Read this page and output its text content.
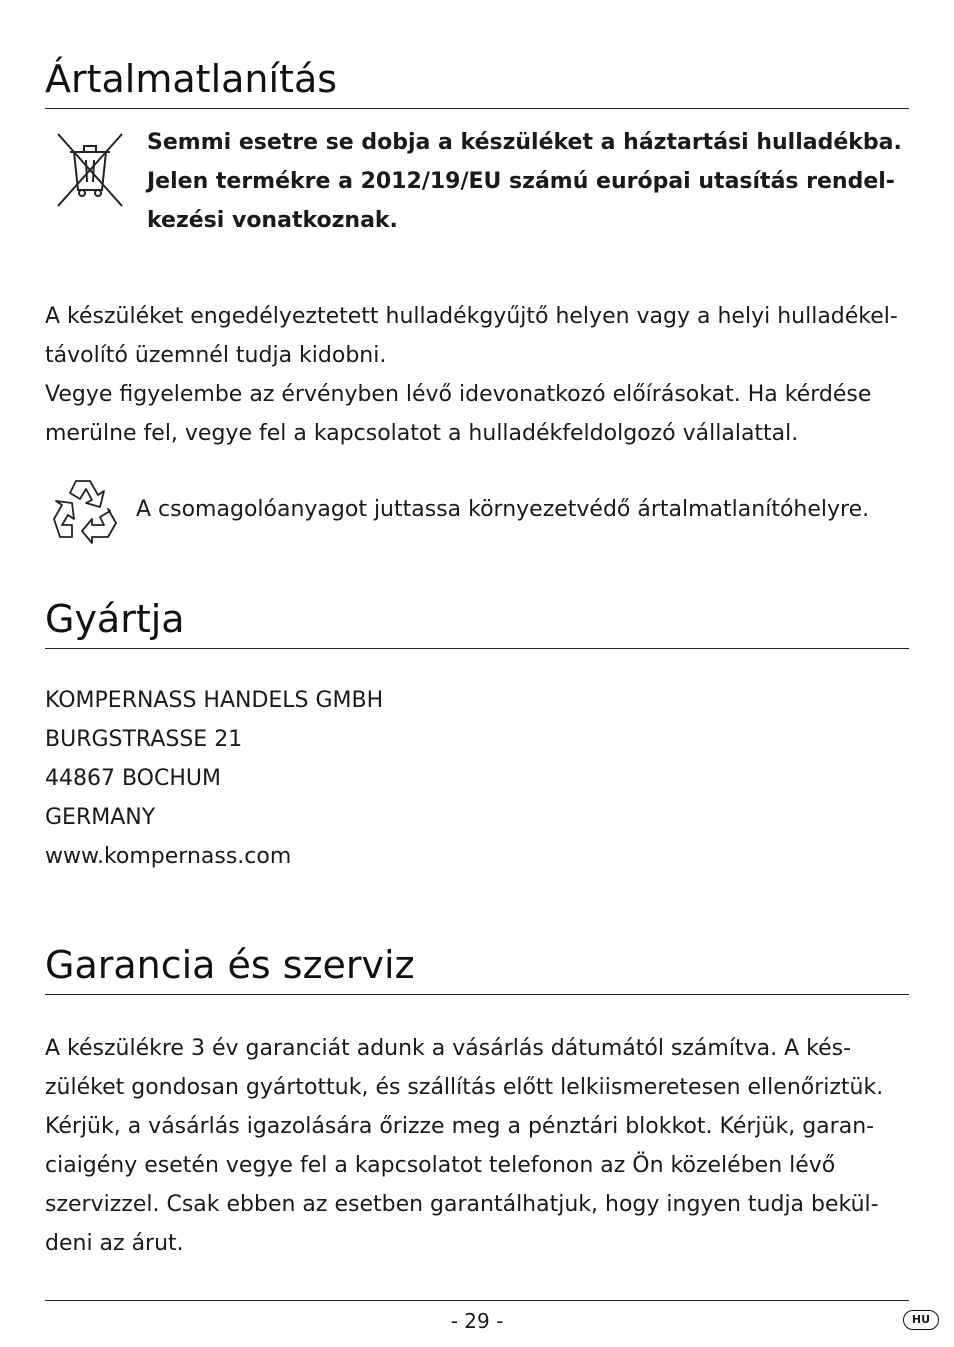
Ártalmatlanítás
Semmi esetre se dobja a készüléket a háztartási hulladékba.
Jelen termékre a 2012/19/EU számú európai utasítás rendel-
kezési vonatkoznak.
A készüléket engedélyeztetett hulladékgyűjtő helyen vagy a helyi hulladékel-
távolító üzemnél tudja kidobni.
Vegye figyelembe az érvényben lévő idevonatkozó előírásokat. Ha kérdése
merülne fel, vegye fel a kapcsolatot a hulladékfeldolgozó vállalattal.
A csomagolóanyagot juttassa környezetvédő ártalmatlanítóhelyre.
Gyártja
KOMPERNASS HANDELS GMBH
BURGSTRASSE 21
44867 BOCHUM
GERMANY
www.kompernass.com
Garancia és szerviz
A készülékre 3 év garanciát adunk a vásárlás dátumától számítva. A kés-
züléket gondosan gyártottuk, és szállítás előtt lelkiismeretesen ellenőriztük.
Kérjük, a vásárlás igazolására őrizze meg a pénztári blokkot. Kérjük, garan-
ciaigény esetén vegye fel a kapcsolatot telefonon az Ön közelében lévő
szervizzel. Csak ebben az esetben garantálhatjuk, hogy ingyen tudja bekül-
deni az árut.
- 29 -	HU
